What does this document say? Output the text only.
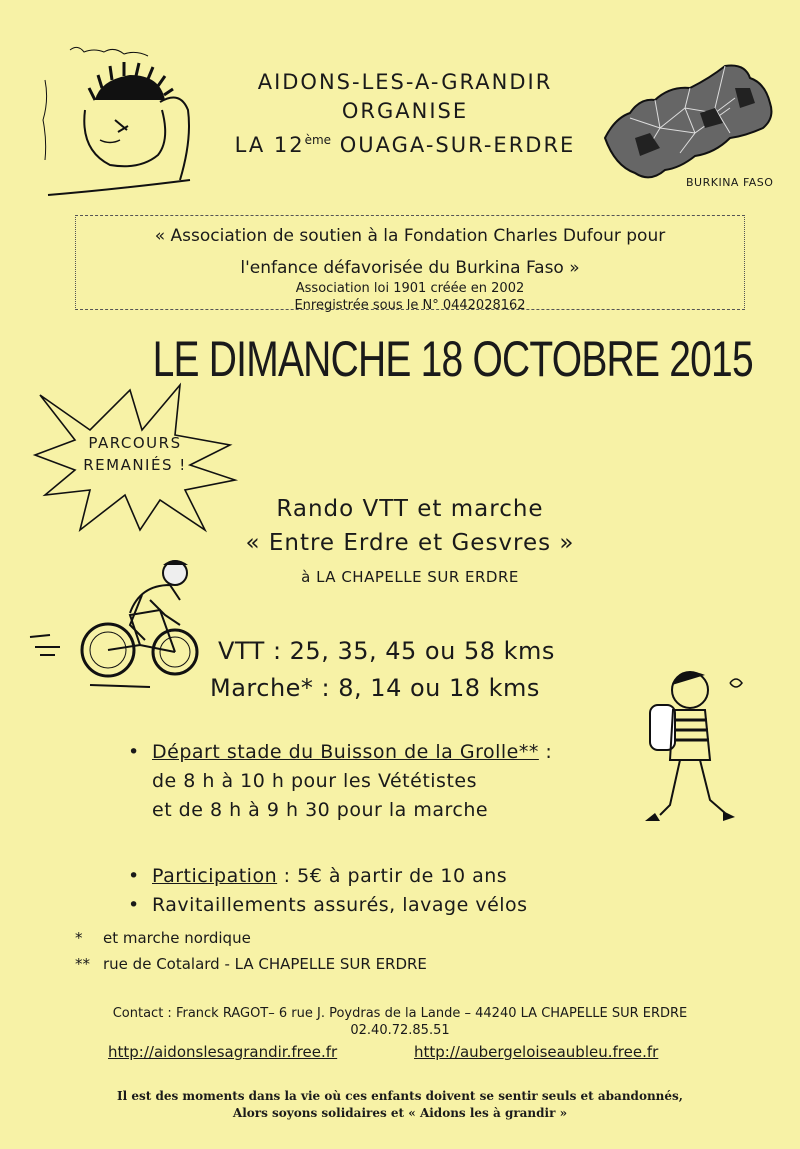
AIDONS-LES-A-GRANDIR
ORGANISE
LA 12ème OUAGA-SUR-ERDRE
BURKINA FASO
« Association de soutien à la Fondation Charles Dufour pour
l'enfance défavorisée du Burkina Faso »
Association loi 1901 créée en 2002
Enregistrée sous le N° 0442028162
LE DIMANCHE 18 OCTOBRE 2015
PARCOURS
REMANIÉS !
Rando VTT et marche
« Entre Erdre et Gesvres »
à LA CHAPELLE SUR ERDRE
VTT : 25, 35, 45 ou 58 kms
Marche* : 8, 14 ou 18 kms
• Départ stade du Buisson de la Grolle** :
de 8 h à 10 h pour les Vététistes
et de 8 h à 9 h 30 pour la marche
• Participation : 5€ à partir de 10 ans
• Ravitaillements assurés, lavage vélos
* et marche nordique
** rue de Cotalard - LA CHAPELLE SUR ERDRE
Contact : Franck RAGOT– 6 rue J. Poydras de la Lande – 44240 LA CHAPELLE SUR ERDRE
02.40.72.85.51
http://aidonslesagrandir.free.fr	http://aubergeloiseaubleu.free.fr
Il est des moments dans la vie où ces enfants doivent se sentir seuls et abandonnés,
Alors soyons solidaires et « Aidons les à grandir »
